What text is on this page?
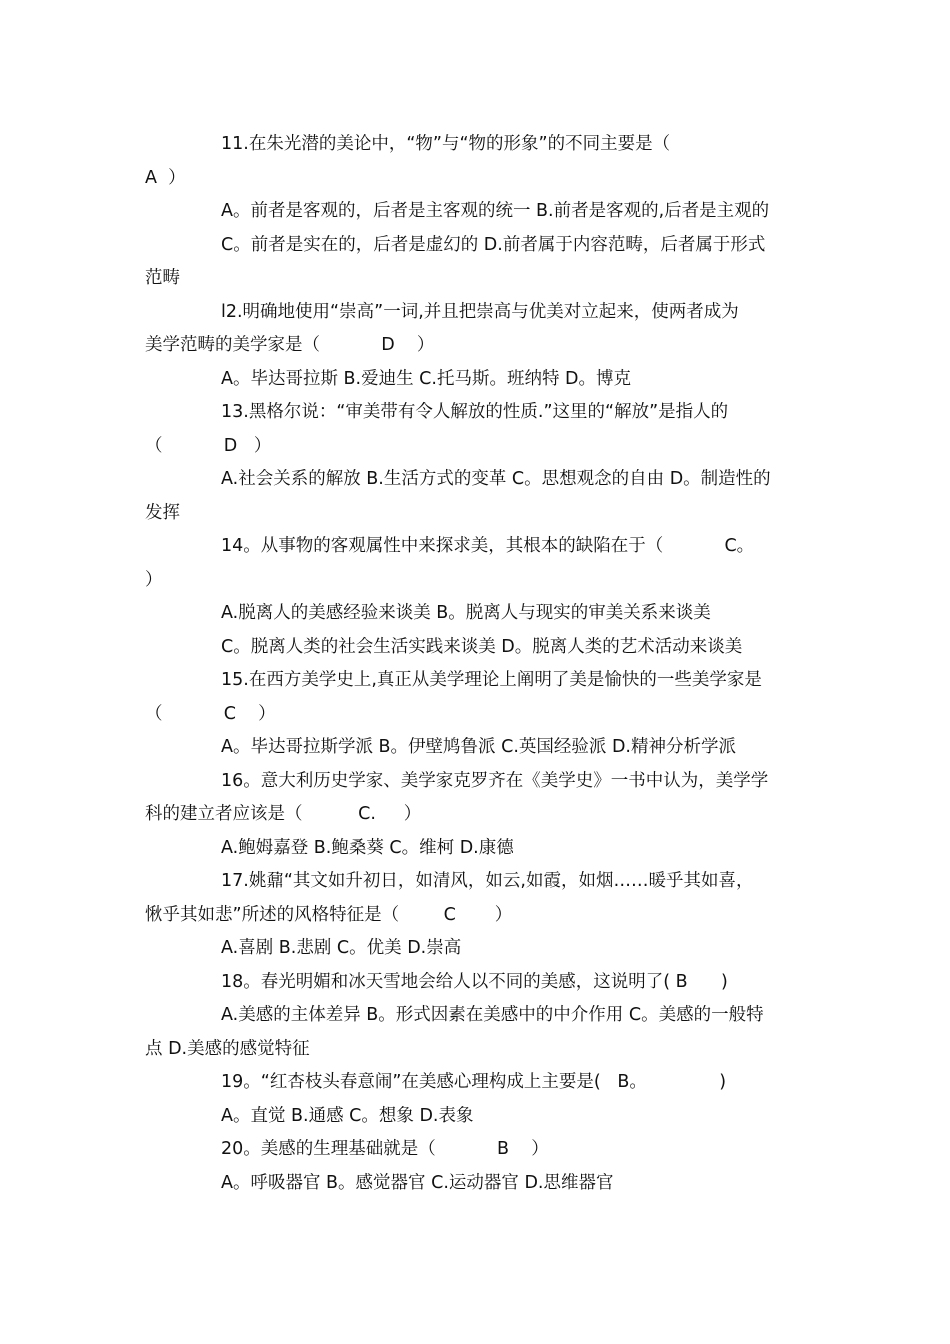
11.在朱光潜的美论中，“物”与“物的形象”的不同主要是（
A  ）
A。前者是客观的，后者是主客观的统一 B.前者是客观的,后者是主观的
C。前者是实在的，后者是虚幻的 D.前者属于内容范畴，后者属于形式
范畴
l2.明确地使用“崇高”一词,并且把崇高与优美对立起来，使两者成为
美学范畴的美学家是（           D    ）
A。毕达哥拉斯 B.爱迪生 C.托马斯。班纳特 D。博克
13.黑格尔说：“审美带有令人解放的性质.”这里的“解放”是指人的
（           D   ）
A.社会关系的解放 B.生活方式的变革 C。思想观念的自由 D。制造性的
发挥
14。从事物的客观属性中来探求美，其根本的缺陷在于（           C。
）
A.脱离人的美感经验来谈美 B。脱离人与现实的审美关系来谈美
C。脱离人类的社会生活实践来谈美 D。脱离人类的艺术活动来谈美
15.在西方美学史上,真正从美学理论上阐明了美是愉快的一些美学家是
（           C    ）
A。毕达哥拉斯学派 B。伊壁鸠鲁派 C.英国经验派 D.精神分析学派
16。意大利历史学家、美学家克罗齐在《美学史》一书中认为，美学学
科的建立者应该是（          C.     ）
A.鲍姆嘉登 B.鲍桑葵 C。维柯 D.康德
17.姚鼐“其文如升初日，如清风，如云,如霞，如烟……暖乎其如喜，
愀乎其如悲”所述的风格特征是（        C       ）
A.喜剧 B.悲剧 C。优美 D.崇高
18。春光明媚和冰天雪地会给人以不同的美感，这说明了( B      )
A.美感的主体差异 B。形式因素在美感中的中介作用 C。美感的一般特
点 D.美感的感觉特征
19。“红杏枝头春意闹”在美感心理构成上主要是(   B。             )
A。直觉 B.通感 C。想象 D.表象
20。美感的生理基础就是（           B    ）
A。呼吸器官 B。感觉器官 C.运动器官 D.思维器官
